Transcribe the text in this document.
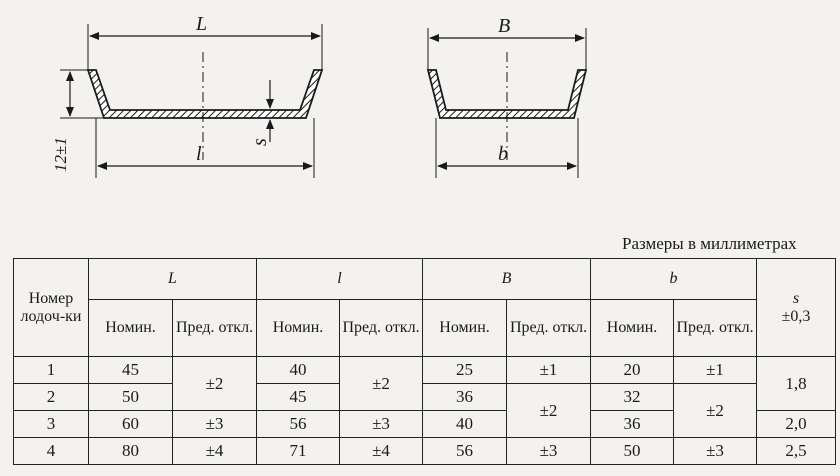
L
l
12±1	s
B
b
Размеры в миллиметрах
Номер лодоч-ки	L		l		B		b		s
±0,3
	Номин.	Пред. откл.	Номин.	Пред. откл.	Номин.	Пред. откл.	Номин.	Пред. откл.	
1	45	±2	40	±2	25	±1	20	±1	1,8
2	50		45		36	±2	32	±2	
3	60	±3	56	±3	40		36		2,0
4	80	±4	71	±4	56	±3	50	±3	2,5
